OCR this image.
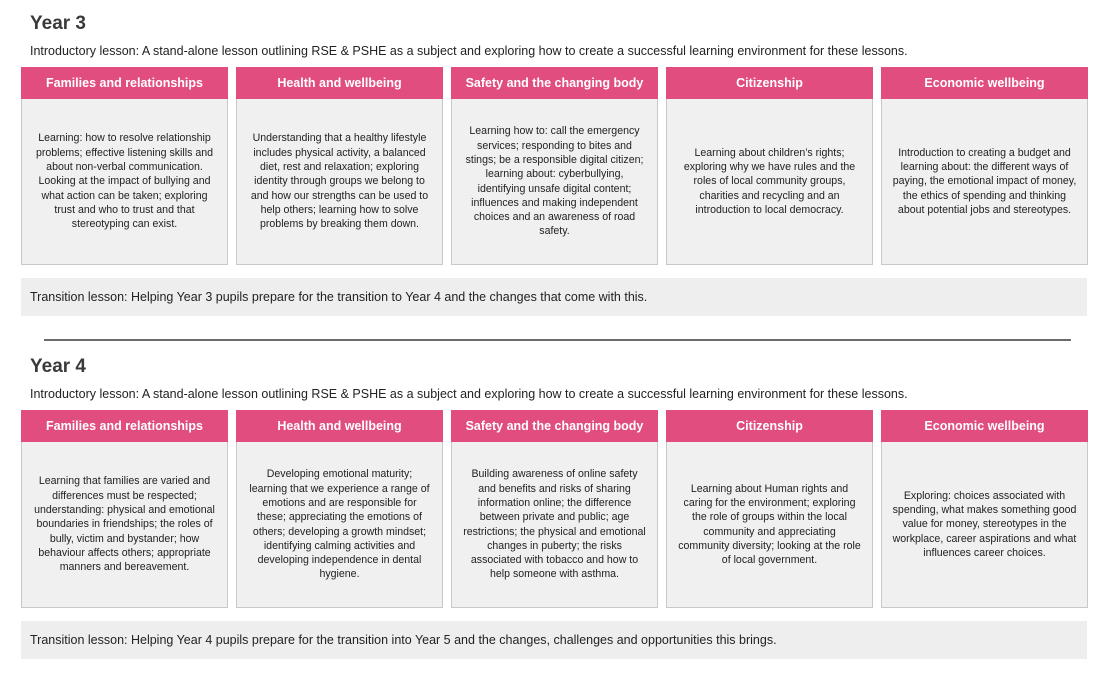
Year 3
Introductory lesson: A stand-alone lesson outlining RSE & PSHE as a subject and exploring how to create a successful learning environment for these lessons.
Families and relationships
Learning: how to resolve relationship problems; effective listening skills and about non-verbal communication. Looking at the impact of bullying and what action can be taken; exploring trust and who to trust and that stereotyping can exist.
Health and wellbeing
Understanding that a healthy lifestyle includes physical activity, a balanced diet, rest and relaxation; exploring identity through groups we belong to and how our strengths can be used to help others; learning how to solve problems by breaking them down.
Safety and the changing body
Learning how to: call the emergency services; responding to bites and stings; be a responsible digital citizen; learning about: cyberbullying, identifying unsafe digital content; influences and making independent choices and an awareness of road safety.
Citizenship
Learning about children’s rights; exploring why we have rules and the roles of local community groups, charities and recycling and an introduction to local democracy.
Economic wellbeing
Introduction to creating a budget and learning about: the different ways of paying, the emotional impact of money, the ethics of spending and thinking about potential jobs and stereotypes.
Transition lesson: Helping Year 3 pupils prepare for the transition to Year 4 and the changes that come with this.
Year 4
Introductory lesson: A stand-alone lesson outlining RSE & PSHE as a subject and exploring how to create a successful learning environment for these lessons.
Families and relationships
Learning that families are varied and differences must be respected; understanding: physical and emotional boundaries in friendships; the roles of bully, victim and bystander; how behaviour affects others; appropriate manners and bereavement.
Health and wellbeing
Developing emotional maturity; learning that we experience a range of emotions and are responsible for these; appreciating the emotions of others; developing a growth mindset; identifying calming activities and developing independence in dental hygiene.
Safety and the changing body
Building awareness of online safety and benefits and risks of sharing information online; the difference between private and public; age restrictions; the physical and emotional changes in puberty; the risks associated with tobacco and how to help someone with asthma.
Citizenship
Learning about Human rights and caring for the environment; exploring the role of groups within the local community and appreciating community diversity; looking at the role of local government.
Economic wellbeing
Exploring: choices associated with spending, what makes something good value for money, stereotypes in the workplace, career aspirations and what influences career choices.
Transition lesson: Helping Year 4 pupils prepare for the transition into Year 5 and the changes, challenges and opportunities this brings.
